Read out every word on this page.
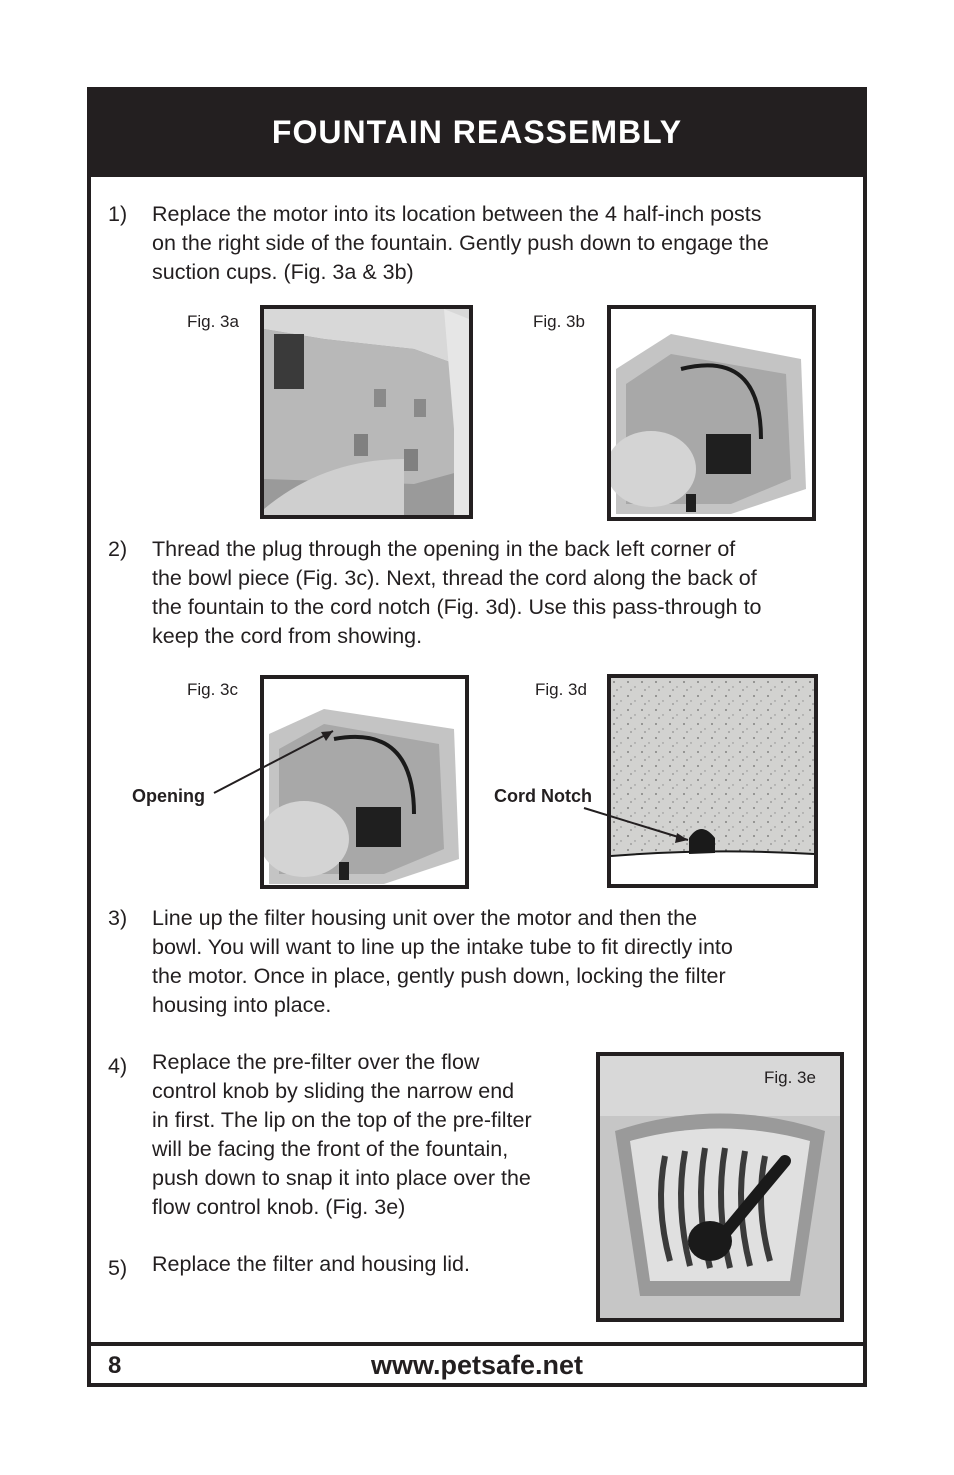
FOUNTAIN REASSEMBLY
1) Replace the motor into its location between the 4 half-inch posts
on the right side of the fountain. Gently push down to engage the
suction cups. (Fig. 3a & 3b)
Fig. 3a	Fig. 3b
2) Thread the plug through the opening in the back left corner of
the bowl piece (Fig. 3c). Next, thread the cord along the back of
the fountain to the cord notch (Fig. 3d). Use this pass-through to
keep the cord from showing.
Fig. 3c
Opening
Fig. 3d
Cord Notch
3) Line up the filter housing unit over the motor and then the
bowl. You will want to line up the intake tube to fit directly into
the motor. Once in place, gently push down, locking the filter
housing into place.
4) Replace the pre-filter over the flow
control knob by sliding the narrow end
in first. The lip on the top of the pre-filter
will be facing the front of the fountain,
push down to snap it into place over the
flow control knob. (Fig. 3e)
Fig. 3e
5) Replace the filter and housing lid.
8	www.petsafe.net
